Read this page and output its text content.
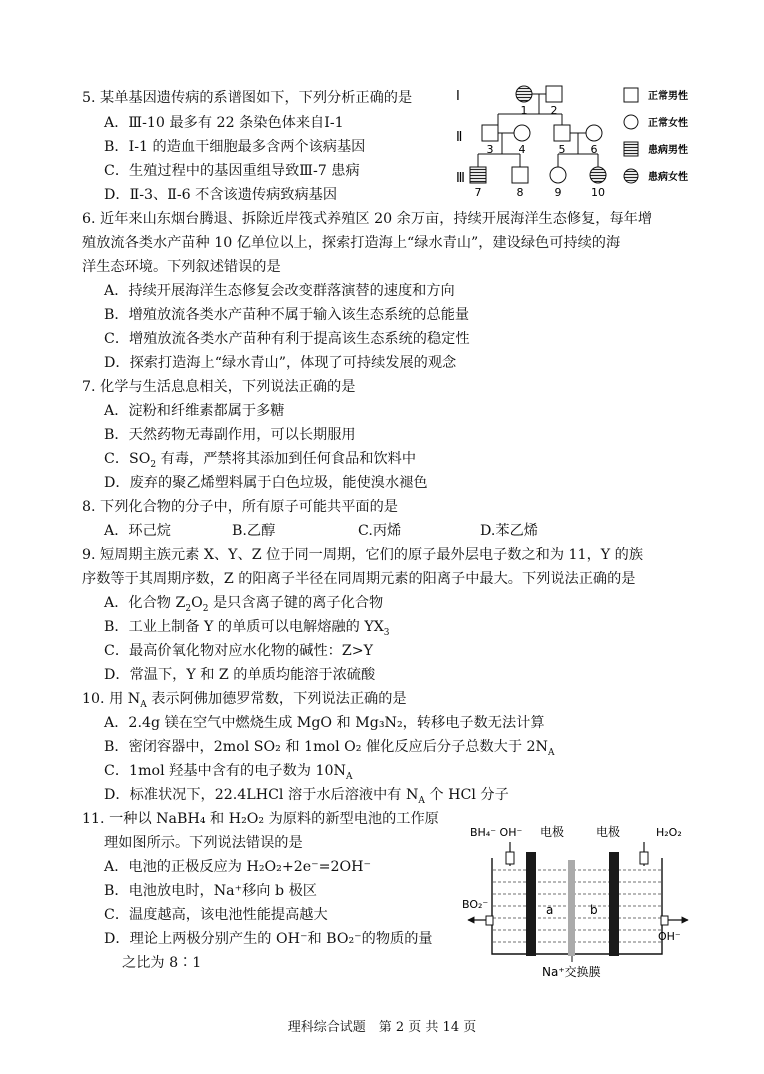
5. 某单基因遗传病的系谱图如下，下列分析正确的是
A．Ⅲ-10 最多有 22 条染色体来自Ⅰ-1
B．Ⅰ-1 的造血干细胞最多含两个该病基因
C．生殖过程中的基因重组导致Ⅲ-7 患病
D．Ⅱ-3、Ⅱ-6 不含该遗传病致病基因
Ⅰ
Ⅱ
Ⅲ
1 2
3 4	5 6
7	8	9	10
正常男性
正常女性
患病男性
患病女性
6. 近年来山东烟台腾退、拆除近岸筏式养殖区 20 余万亩，持续开展海洋生态修复，每年增
殖放流各类水产苗种 10 亿单位以上，探索打造海上“绿水青山”，建设绿色可持续的海
洋生态环境。下列叙述错误的是
A．持续开展海洋生态修复会改变群落演替的速度和方向
B．增殖放流各类水产苗种不属于输入该生态系统的总能量
C．增殖放流各类水产苗种有利于提高该生态系统的稳定性
D．探索打造海上“绿水青山”，体现了可持续发展的观念
7. 化学与生活息息相关，下列说法正确的是
A．淀粉和纤维素都属于多糖
B．天然药物无毒副作用，可以长期服用
C．$SO_2$ 有毒，严禁将其添加到任何食品和饮料中
D．废弃的聚乙烯塑料属于白色垃圾，能使溴水褪色
8. 下列化合物的分子中，所有原子可能共平面的是
A．环己烷	B.乙醇	C.丙烯	D.苯乙烯
9. 短周期主族元素 X、Y、Z 位于同一周期，它们的原子最外层电子数之和为 11，Y 的族
序数等于其周期序数，Z 的阳离子半径在同周期元素的阳离子中最大。下列说法正确的是
A．化合物 $Z_2O_2$ 是只含离子键的离子化合物
B．工业上制备 Y 的单质可以电解熔融的 $YX_3$
C．最高价氧化物对应水化物的碱性：Z>Y
D．常温下，Y 和 Z 的单质均能溶于浓硫酸
10. 用 $N_A$ 表示阿佛加德罗常数，下列说法正确的是
A．2.4g 镁在空气中燃烧生成 MgO 和 Mg₃N₂，转移电子数无法计算
B．密闭容器中，2mol SO₂ 和 1mol O₂ 催化反应后分子总数大于 $2N_A$
C．1mol 羟基中含有的电子数为 $10N_A$
D．标准状况下，22.4LHCl 溶于水后溶液中有 $N_A$ 个 HCl 分子
11. 一种以 NaBH₄ 和 H₂O₂ 为原料的新型电池的工作原
理如图所示。下列说法错误的是
A．电池的正极反应为 H₂O₂+2e⁻=2OH⁻
B．电池放电时，Na⁺移向 b 极区
C．温度越高，该电池性能提高越大
D．理论上两极分别产生的 OH⁻和 BO₂⁻的物质的量
之比为 8∶1
BH₄⁻ OH⁻ 电极	电极	H₂O₂
a	b
BO₂⁻
OH⁻
Na⁺交换膜
理科综合试题　第 2 页 共 14 页
